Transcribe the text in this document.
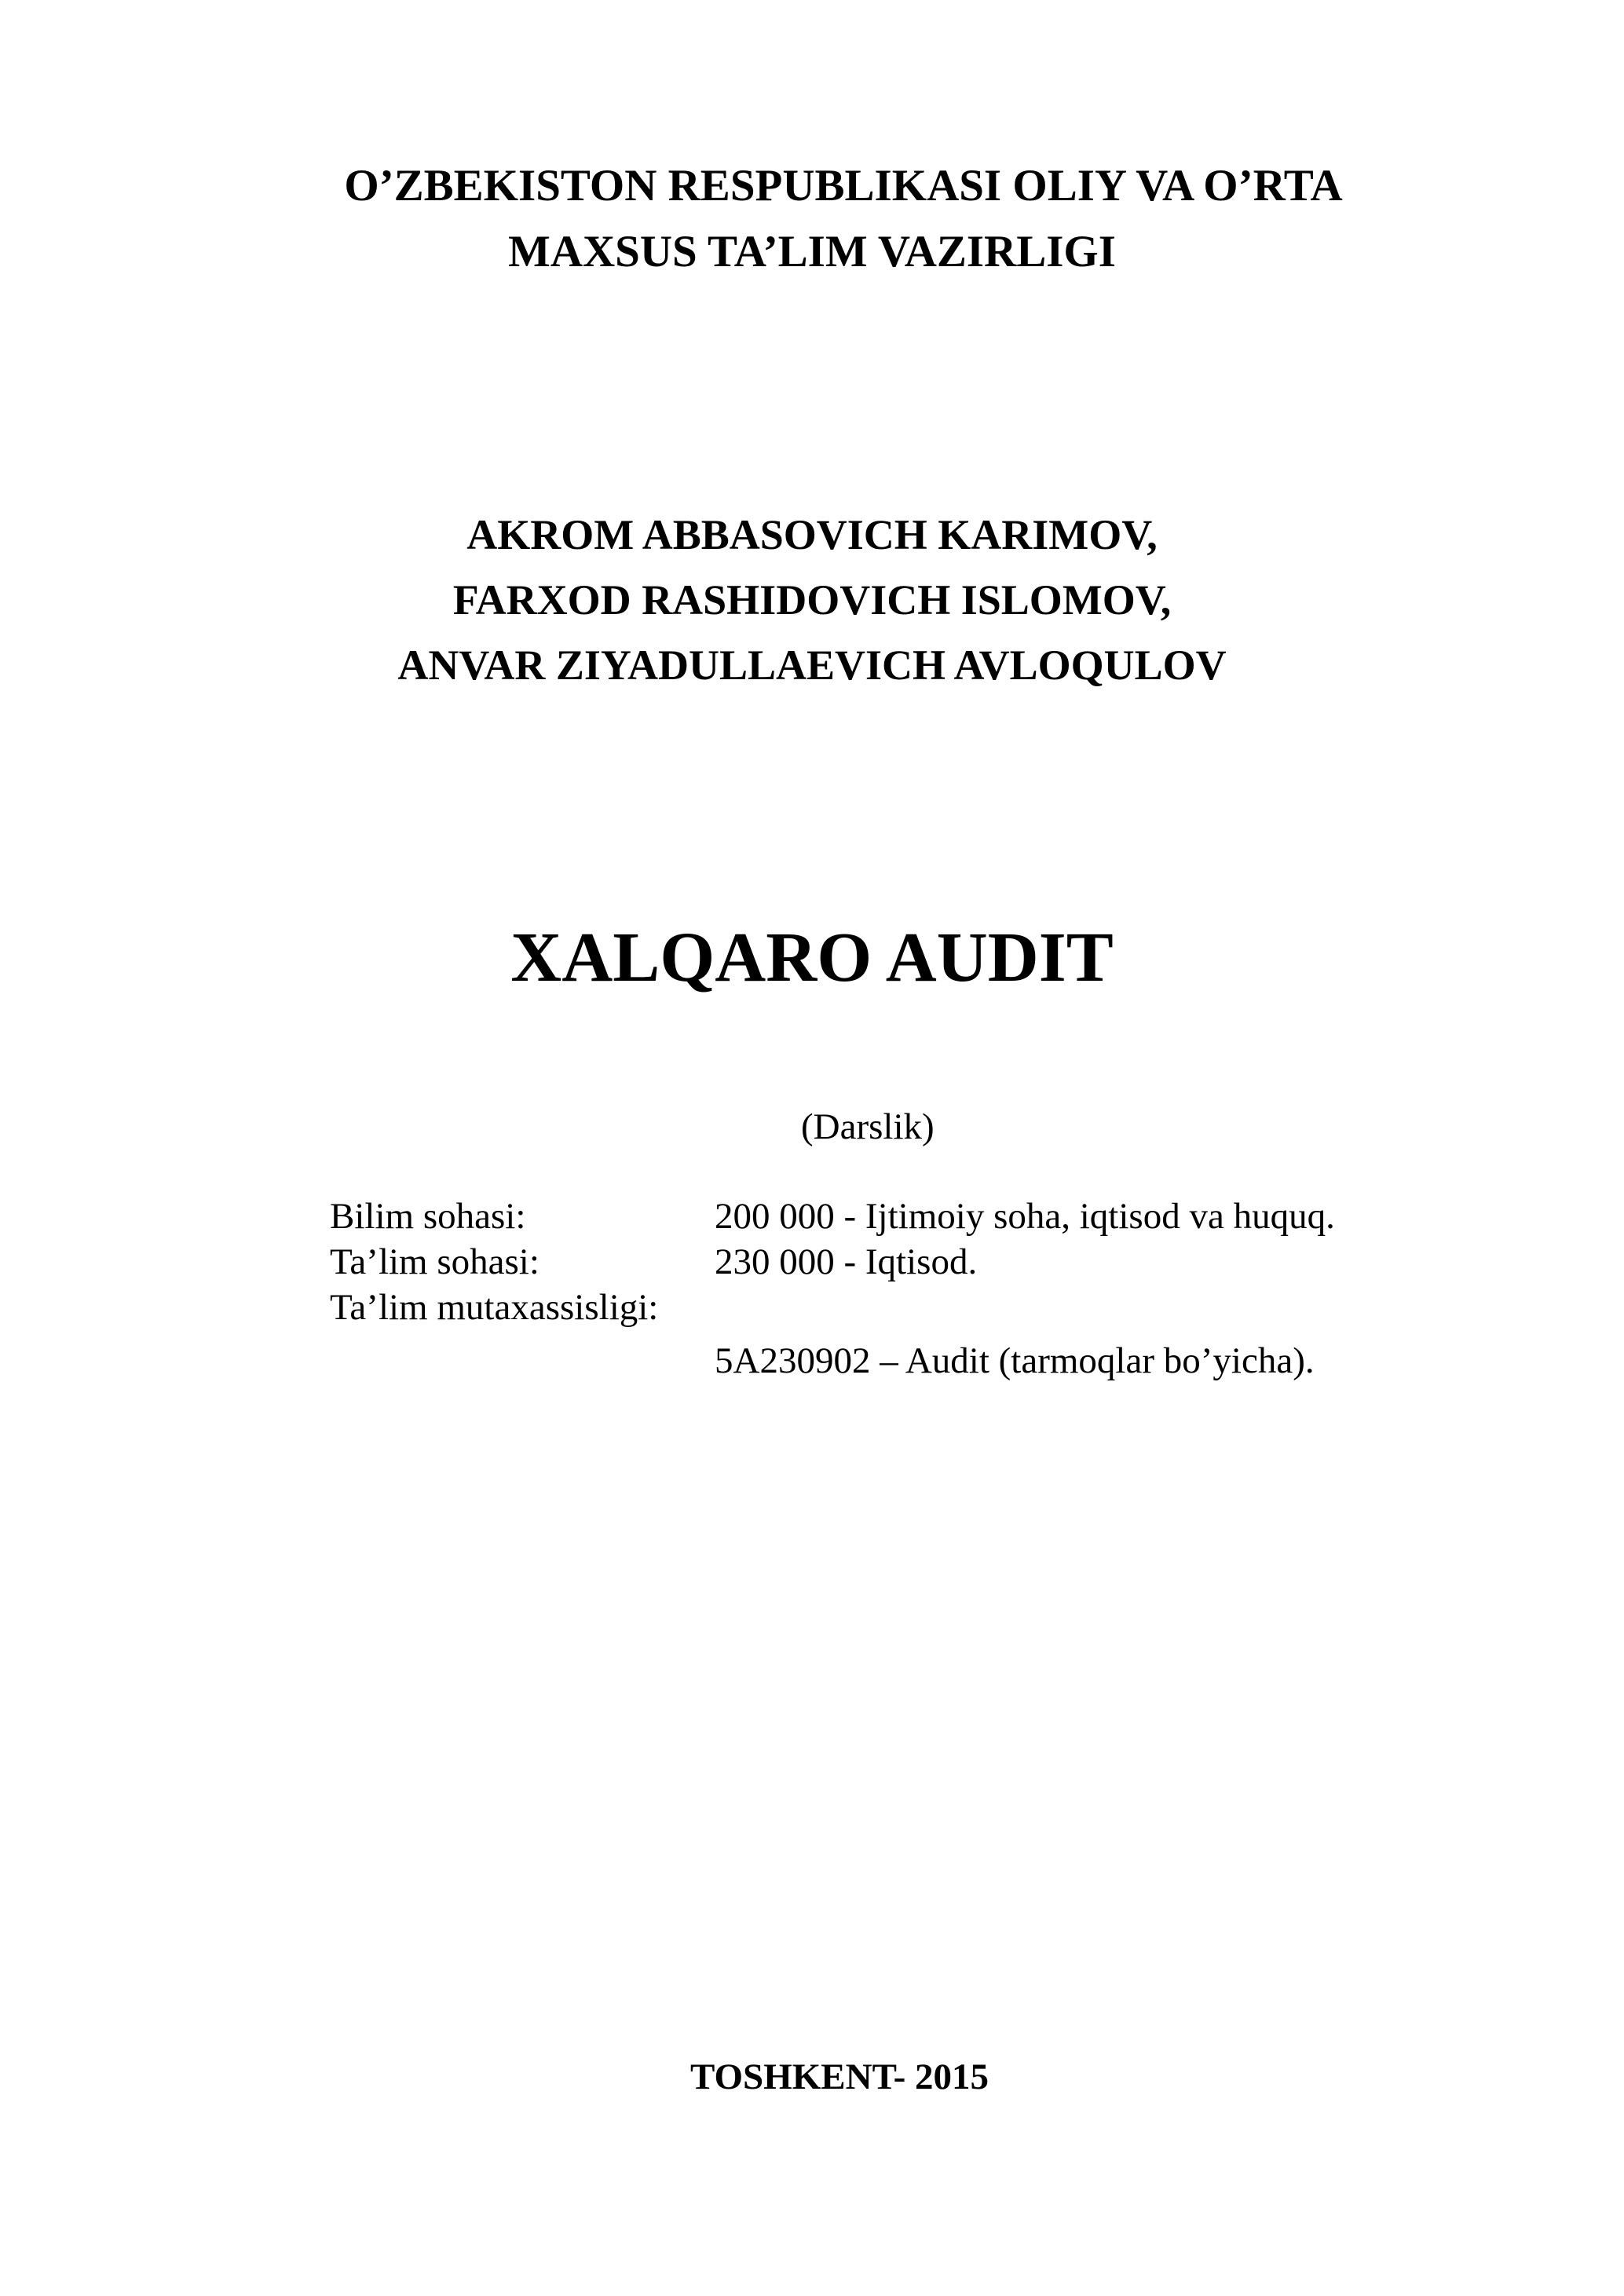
O’ZBEKISTON RESPUBLIKASI OLIY VA O’RTA
MAXSUS TA’LIM VAZIRLIGI
AKROM ABBASOVICH KARIMOV,
FARXOD RASHIDOVICH ISLOMOV,
ANVAR ZIYADULLAEVICH AVLOQULOV
XALQARO AUDIT
(Darslik)
Bilim sohasi:	200 000 - Ijtimoiy soha, iqtisod va huquq.
Ta’lim sohasi:	230 000 - Iqtisod.
Ta’lim mutaxassisligi:
5A230902 – Audit (tarmoqlar bo’yicha).
TOSHKENT- 2015
